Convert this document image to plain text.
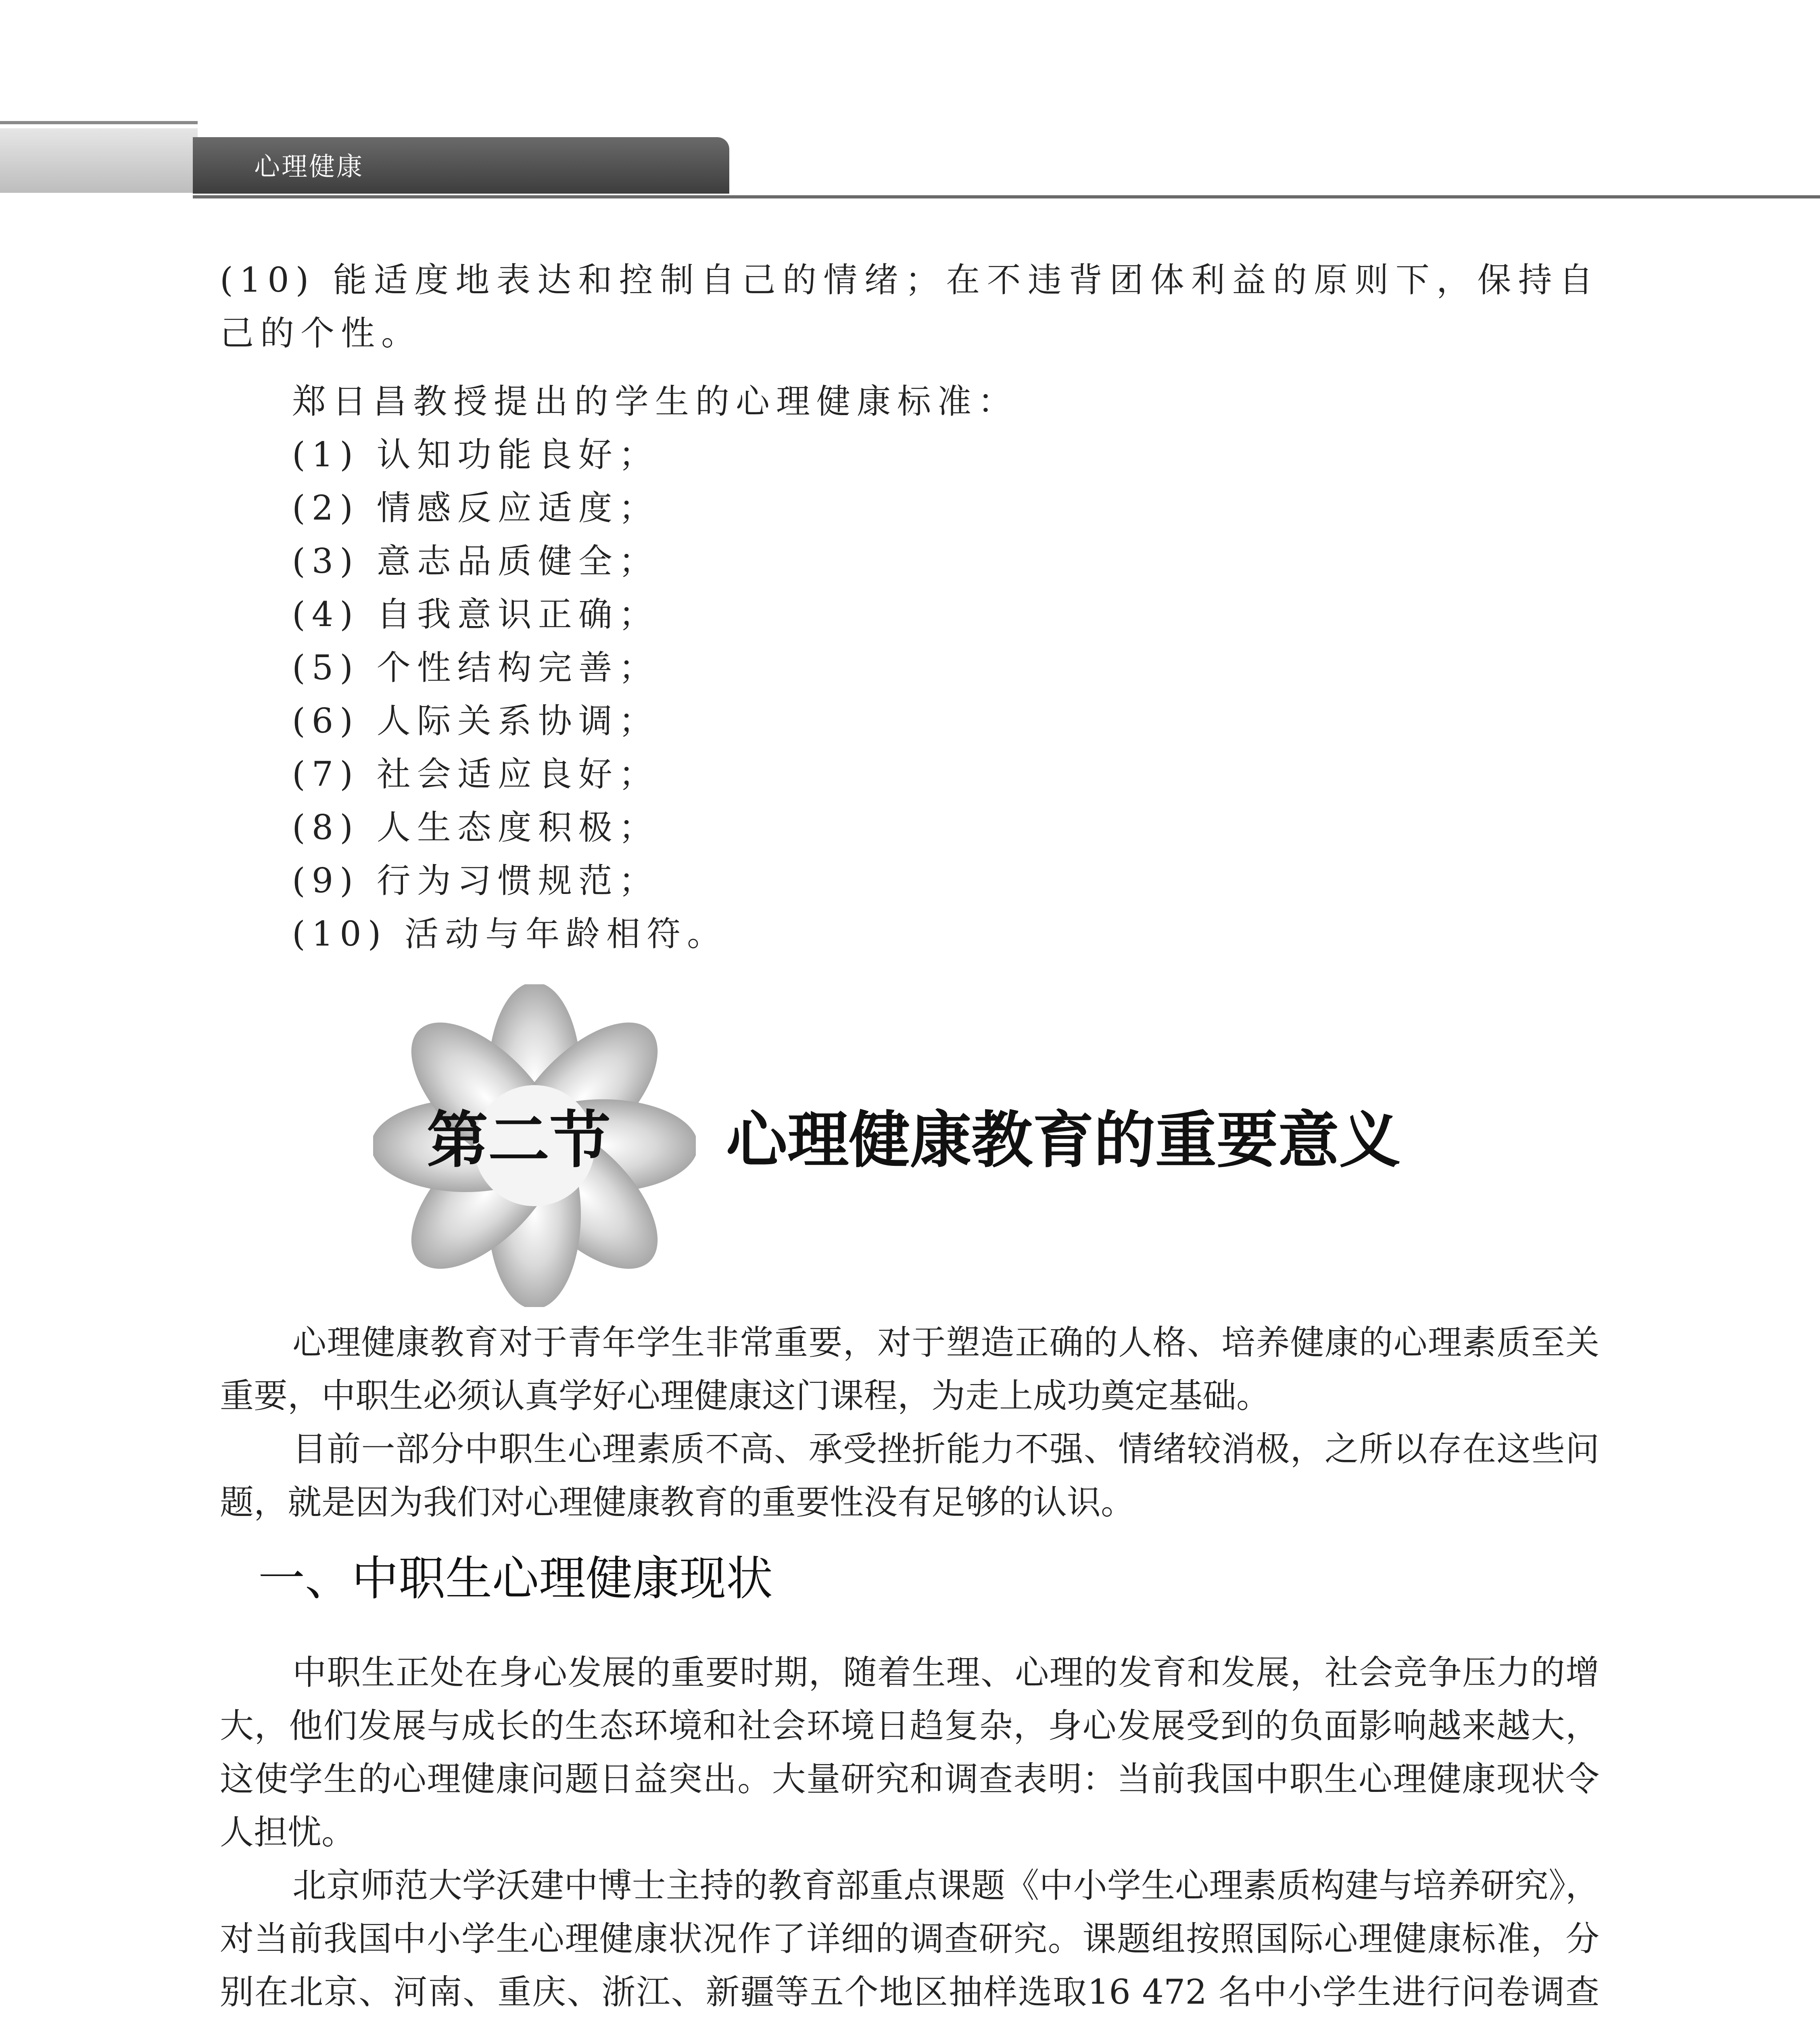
心理健康
(10) 能适度地表达和控制自己的情绪；在不违背团体利益的原则下，保持自己的个性。
郑日昌教授提出的学生的心理健康标准：
(1) 认知功能良好；
(2) 情感反应适度；
(3) 意志品质健全；
(4) 自我意识正确；
(5) 个性结构完善；
(6) 人际关系协调；
(7) 社会适应良好；
(8) 人生态度积极；
(9) 行为习惯规范；
(10) 活动与年龄相符。
第二节 心理健康教育的重要意义
心理健康教育对于青年学生非常重要，对于塑造正确的人格、培养健康的心理素质至关重要，中职生必须认真学好心理健康这门课程，为走上成功奠定基础。
目前一部分中职生心理素质不高、承受挫折能力不强、情绪较消极，之所以存在这些问题，就是因为我们对心理健康教育的重要性没有足够的认识。
一、中职生心理健康现状
中职生正处在身心发展的重要时期，随着生理、心理的发育和发展，社会竞争压力的增大，他们发展与成长的生态环境和社会环境日趋复杂，身心发展受到的负面影响越来越大，这使学生的心理健康问题日益突出。大量研究和调查表明：当前我国中职生心理健康现状令人担忧。
北京师范大学沃建中博士主持的教育部重点课题《中小学生心理素质构建与培养研究》，对当前我国中小学生心理健康状况作了详细的调查研究。课题组按照国际心理健康标准，分别在北京、河南、重庆、浙江、新疆等五个地区抽样选取16 472 名中小学生进行问卷调查
